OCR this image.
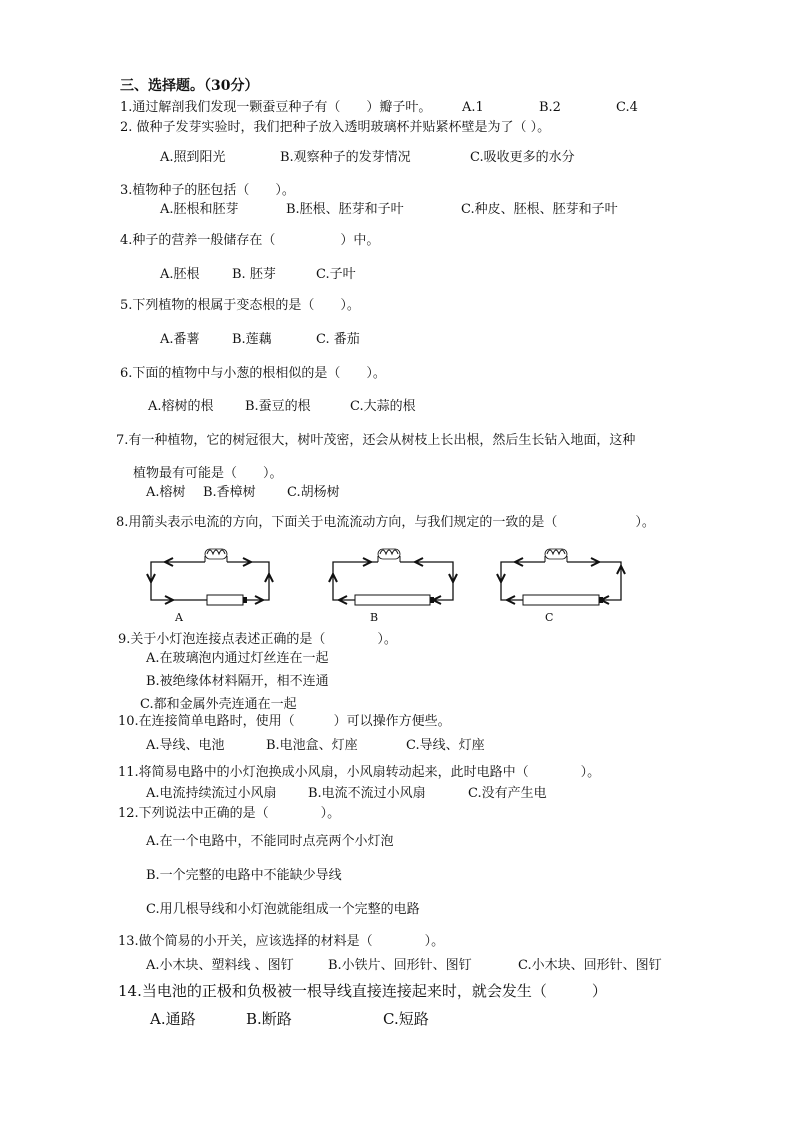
三、选择题。（30分）
1.通过解剖我们发现一颗蚕豆种子有（　　）瓣子叶。 A.1	B.2	C.4
2. 做种子发芽实验时，我们把种子放入透明玻璃杯并贴紧杯壁是为了（ ）。
A.照到阳光	B.观察种子的发芽情况	C.吸收更多的水分
3.植物种子的胚包括（　　）。
A.胚根和胚芽	B.胚根、胚芽和子叶	C.种皮、胚根、胚芽和子叶
4.种子的营养一般储存在（　　　　　）中。
A.胚根 B. 胚芽	C.子叶
5.下列植物的根属于变态根的是（　　）。
A.番薯 B.莲藕	C. 番茄
6.下面的植物中与小葱的根相似的是（　　）。
A.榕树的根 B.蚕豆的根	C.大蒜的根
7.有一种植物，它的树冠很大，树叶茂密，还会从树枝上长出根，然后生长钻入地面，这种
植物最有可能是（　　）。
A.榕树 B.香樟树 C.胡杨树
8.用箭头表示电流的方向，下面关于电流流动方向，与我们规定的一致的是（　　　　　　）。
A	B	C
9.关于小灯泡连接点表述正确的是（　　　　）。
A.在玻璃泡内通过灯丝连在一起
B.被绝缘体材料隔开，相不连通
C.都和金属外壳连通在一起
10.在连接简单电路时，使用（　　　）可以操作方便些。
A.导线、电池	B.电池盒、灯座	C.导线、灯座
11.将简易电路中的小灯泡换成小风扇，小风扇转动起来，此时电路中（　　　　）。
A.电流持续流过小风扇 B.电流不流过小风扇	C.没有产生电
12.下列说法中正确的是（　　　　）。
A.在一个电路中，不能同时点亮两个小灯泡
B.一个完整的电路中不能缺少导线
C.用几根导线和小灯泡就能组成一个完整的电路
13.做个简易的小开关，应该选择的材料是（　　　　）。
A.小木块、塑料线 、图钉	B.小铁片、回形针、图钉	C.小木块、回形针、图钉
14.当电池的正极和负极被一根导线直接连接起来时，就会发生（　　　）
A.通路	B.断路	C.短路
